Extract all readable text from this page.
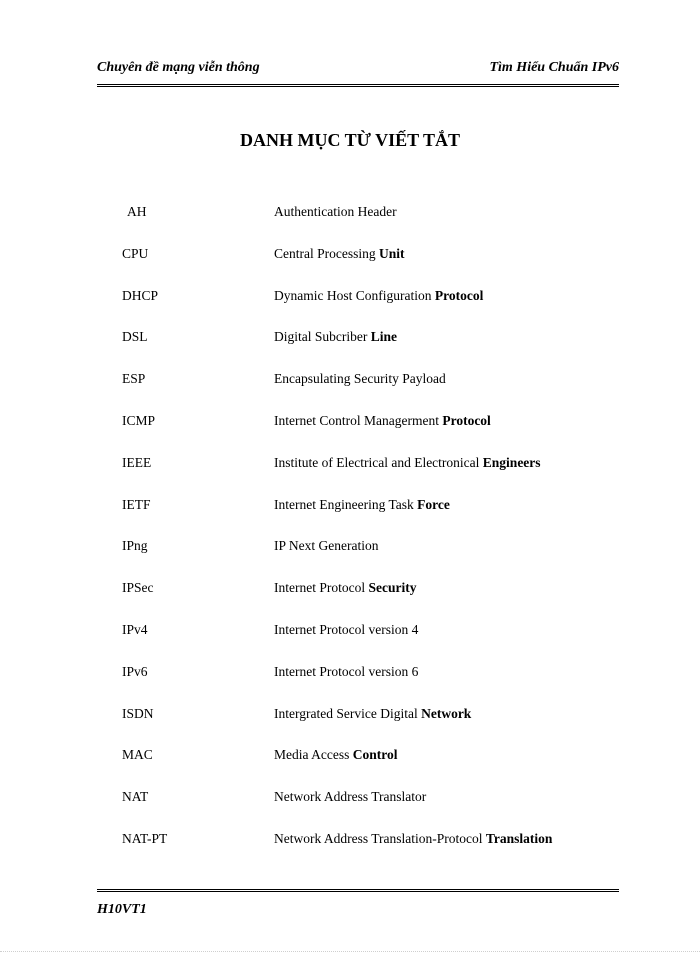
Chuyên đề mạng viễn thông	Tìm Hiểu Chuẩn IPv6
DANH MỤC TỪ VIẾT TẮT
AH	Authentication Header
CPU	Central Processing Unit
DHCP	Dynamic Host Configuration Protocol
DSL	Digital Subcriber Line
ESP	Encapsulating Security Payload
ICMP	Internet Control Managerment Protocol
IEEE	Institute of Electrical and Electronical Engineers
IETF	Internet Engineering Task Force
IPng	IP Next Generation
IPSec	Internet Protocol Security
IPv4	Internet Protocol version 4
IPv6	Internet Protocol version 6
ISDN	Intergrated Service Digital Network
MAC	Media Access Control
NAT	Network Address Translator
NAT-PT	Network Address Translation-Protocol Translation
H10VT1
